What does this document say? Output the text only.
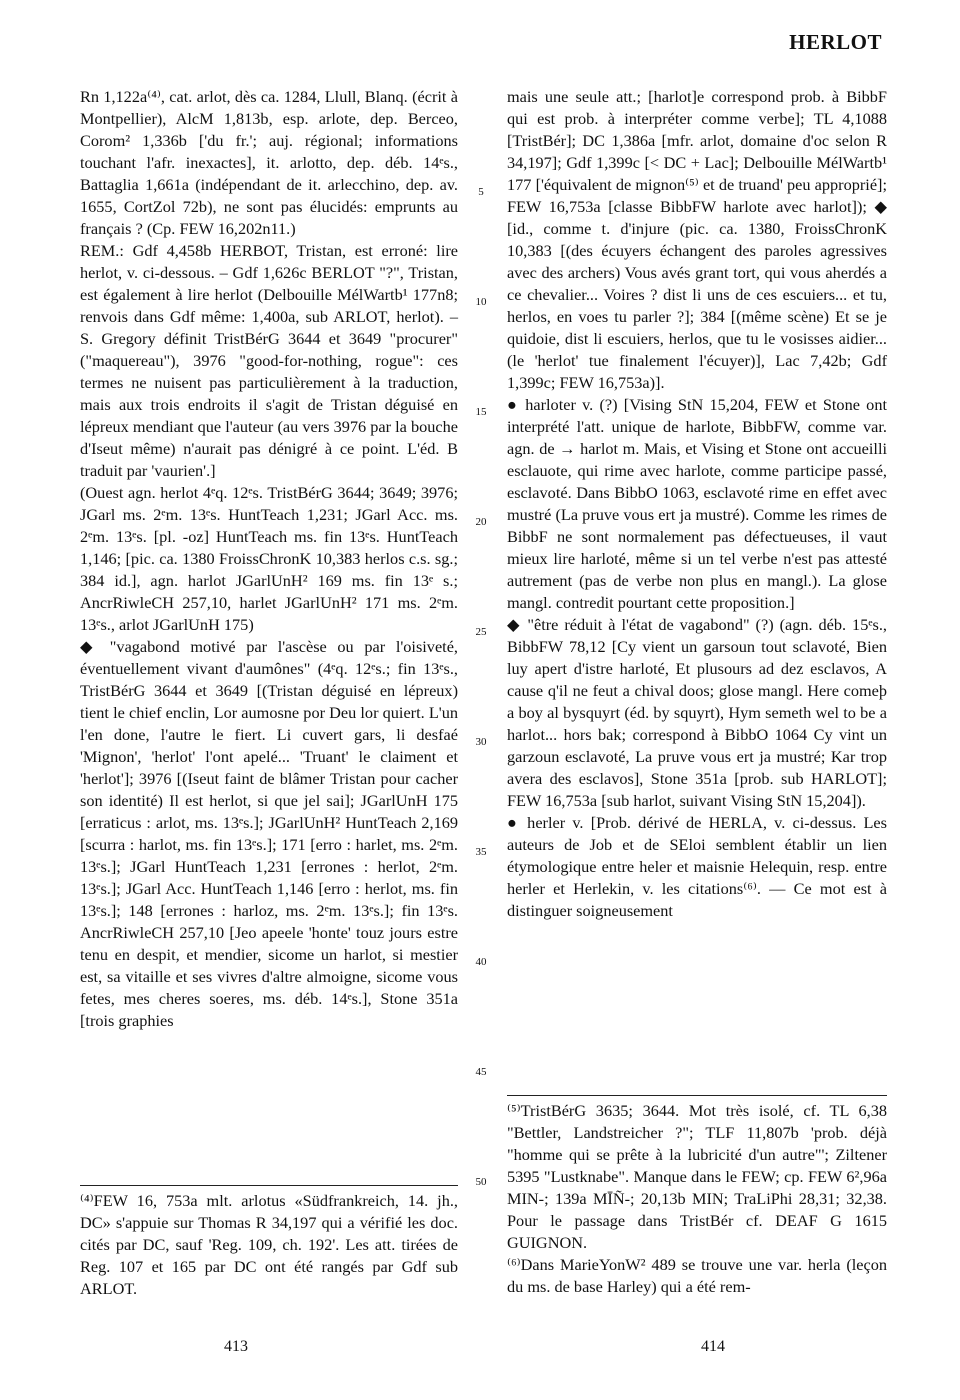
HERLOT

Rn 1,122a⁽⁴⁾, cat. arlot, dès ca. 1284, Llull, Blanq. (écrit à Montpellier), AlcM 1,813b, esp. arlote, dep. Berceo, Corom² 1,336b ['du fr.'; auj. régional; informations touchant l'afr. inexactes], it. arlotto, dep. déb. 14ᵉs., Battaglia 1,661a (indépendant de it. arlecchino, dep. av. 1655, CortZol 72b), ne sont pas élucidés: emprunts au français ? (Cp. FEW 16,202n11.)

REM.: Gdf 4,458b HERBOT, Tristan, est erroné: lire herlot, v. ci-dessous. – Gdf 1,626c BERLOT "?", Tristan, est également à lire herlot (Delbouille MélWartb¹ 177n8; renvois dans Gdf même: 1,400a, sub ARLOT, herlot). – S. Gregory définit TristBérG 3644 et 3649 "procurer" ("maquereau"), 3976 "good-for-nothing, rogue": ces termes ne nuisent pas particulièrement à la traduction, mais aux trois endroits il s'agit de Tristan déguisé en lépreux mendiant que l'auteur (au vers 3976 par la bouche d'Iseut même) n'aurait pas dénigré à ce point. L'éd. B traduit par 'vaurien'.]

(Ouest agn. herlot 4ᵉq. 12ᵉs. TristBérG 3644; 3649; 3976; JGarl ms. 2ᵉm. 13ᵉs. HuntTeach 1,231; JGarl Acc. ms. 2ᵉm. 13ᵉs. [pl. -oz] HuntTeach ms. fin 13ᵉs. HuntTeach 1,146; [pic. ca. 1380 FroissChronK 10,383 herlos c.s. sg.; 384 id.], agn. harlot JGarlUnH² 169 ms. fin 13ᵉ s.; AncrRiwleCH 257,10, harlet JGarlUnH² 171 ms. 2ᵉm. 13ᵉs., arlot JGarlUnH 175)

◆ "vagabond motivé par l'ascèse ou par l'oisiveté, éventuellement vivant d'aumônes" (4ᵉq. 12ᵉs.; fin 13ᵉs., TristBérG 3644 et 3649 [(Tristan déguisé en lépreux) tient le chief enclin, Lor aumosne por Deu lor quiert. L'un l'en done, l'autre le fiert. Li cuvert gars, li desfaé 'Mignon', 'herlot' l'ont apelé... 'Truant' le claiment et 'herlot']; 3976 [(Iseut faint de blâmer Tristan pour cacher son identité) Il est herlot, si que jel sai]; JGarlUnH 175 [erraticus : arlot, ms. 13ᵉs.]; JGarlUnH² HuntTeach 2,169 [scurra : harlot, ms. fin 13ᵉs.]; 171 [erro : harlet, ms. 2ᵉm. 13ᵉs.]; JGarl HuntTeach 1,231 [errones : herlot, 2ᵉm. 13ᵉs.]; JGarl Acc. HuntTeach 1,146 [erro : herlot, ms. fin 13ᵉs.]; 148 [errones : harloz, ms. 2ᵉm. 13ᵉs.]; fin 13ᵉs. AncrRiwleCH 257,10 [Jeo apeele 'honte' touz jours estre tenu en despit, et mendier, sicome un harlot, si mestier est, sa vitaille et ses vivres d'altre almoigne, sicome vous fetes, mes cheres soeres, ms. déb. 14ᵉs.], Stone 351a [trois graphies

5
10
15
20
25
30
35
40
45
50

mais une seule att.; [harlot]e correspond prob. à BibbF qui est prob. à interpréter comme verbe]; TL 4,1088 [TristBér]; DC 1,386a [mfr. arlot, domaine d'oc selon R 34,197]; Gdf 1,399c [< DC + Lac]; Delbouille MélWartb¹ 177 ['équivalent de mignon⁽⁵⁾ et de truand' peu approprié]; FEW 16,753a [classe BibbFW harlote avec harlot]); ◆ [id., comme t. d'injure (pic. ca. 1380, FroissChronK 10,383 [(des écuyers échangent des paroles agressives avec des archers) Vous avés grant tort, qui vous aherdés a ce chevalier... Voires ? dist li uns de ces escuiers... et tu, herlos, en voes tu parler ?]; 384 [(même scène) Et se je quidoie, dist li escuiers, herlos, que tu le vosisses aidier... (le 'herlot' tue finalement l'écuyer)], Lac 7,42b; Gdf 1,399c; FEW 16,753a)].

● harloter v. (?) [Vising StN 15,204, FEW et Stone ont interprété l'att. unique de harlote, BibbFW, comme var. agn. de → harlot m. Mais, et Vising et Stone ont accueilli esclauote, qui rime avec harlote, comme participe passé, esclavoté. Dans BibbO 1063, esclavoté rime en effet avec mustré (La pruve vous ert ja mustré). Comme les rimes de BibbF ne sont normalement pas défectueuses, il vaut mieux lire harloté, même si un tel verbe n'est pas attesté autrement (pas de verbe non plus en mangl.). La glose mangl. contredit pourtant cette proposition.]

◆ "être réduit à l'état de vagabond" (?) (agn. déb. 15ᵉs., BibbFW 78,12 [Cy vient un garsoun tout sclavoté, Bien luy apert d'istre harloté, Et plusours ad dez esclavos, A cause q'il ne feut a chival doos; glose mangl. Here comeþ a boy al bysquyrt (éd. by squyrt), Hym semeth wel to be a harlot... hors bak; correspond à BibbO 1064 Cy vint un garzoun esclavoté, La pruve vous ert ja mustré; Kar trop avera des esclavos], Stone 351a [prob. sub HARLOT]; FEW 16,753a [sub harlot, suivant Vising StN 15,204]).

● herler v. [Prob. dérivé de HERLA, v. ci-dessus. Les auteurs de Job et de SEloi semblent établir un lien étymologique entre heler et maisnie Helequin, resp. entre herler et Herlekin, v. les citations⁽⁶⁾. — Ce mot est à distinguer soigneusement

⁽⁴⁾FEW 16, 753a mlt. arlotus «Südfrankreich, 14. jh., DC» s'appuie sur Thomas R 34,197 qui a vérifié les doc. cités par DC, sauf 'Reg. 109, ch. 192'. Les att. tirées de Reg. 107 et 165 par DC ont été rangés par Gdf sub ARLOT.

⁽⁵⁾TristBérG 3635; 3644. Mot très isolé, cf. TL 6,38 "Bettler, Landstreicher ?"; TLF 11,807b 'prob. déjà "homme qui se prête à la lubricité d'un autre"'; Ziltener 5395 "Lustknabe". Manque dans le FEW; cp. FEW 6²,96a MIN-; 139a MĪÑ-; 20,13b MIN; TraLiPhi 28,31; 32,38. Pour le passage dans TristBér cf. DEAF G 1615 GUIGNON.

⁽⁶⁾Dans MarieYonW² 489 se trouve une var. herla (leçon du ms. de base Harley) qui a été rem-

413	414
